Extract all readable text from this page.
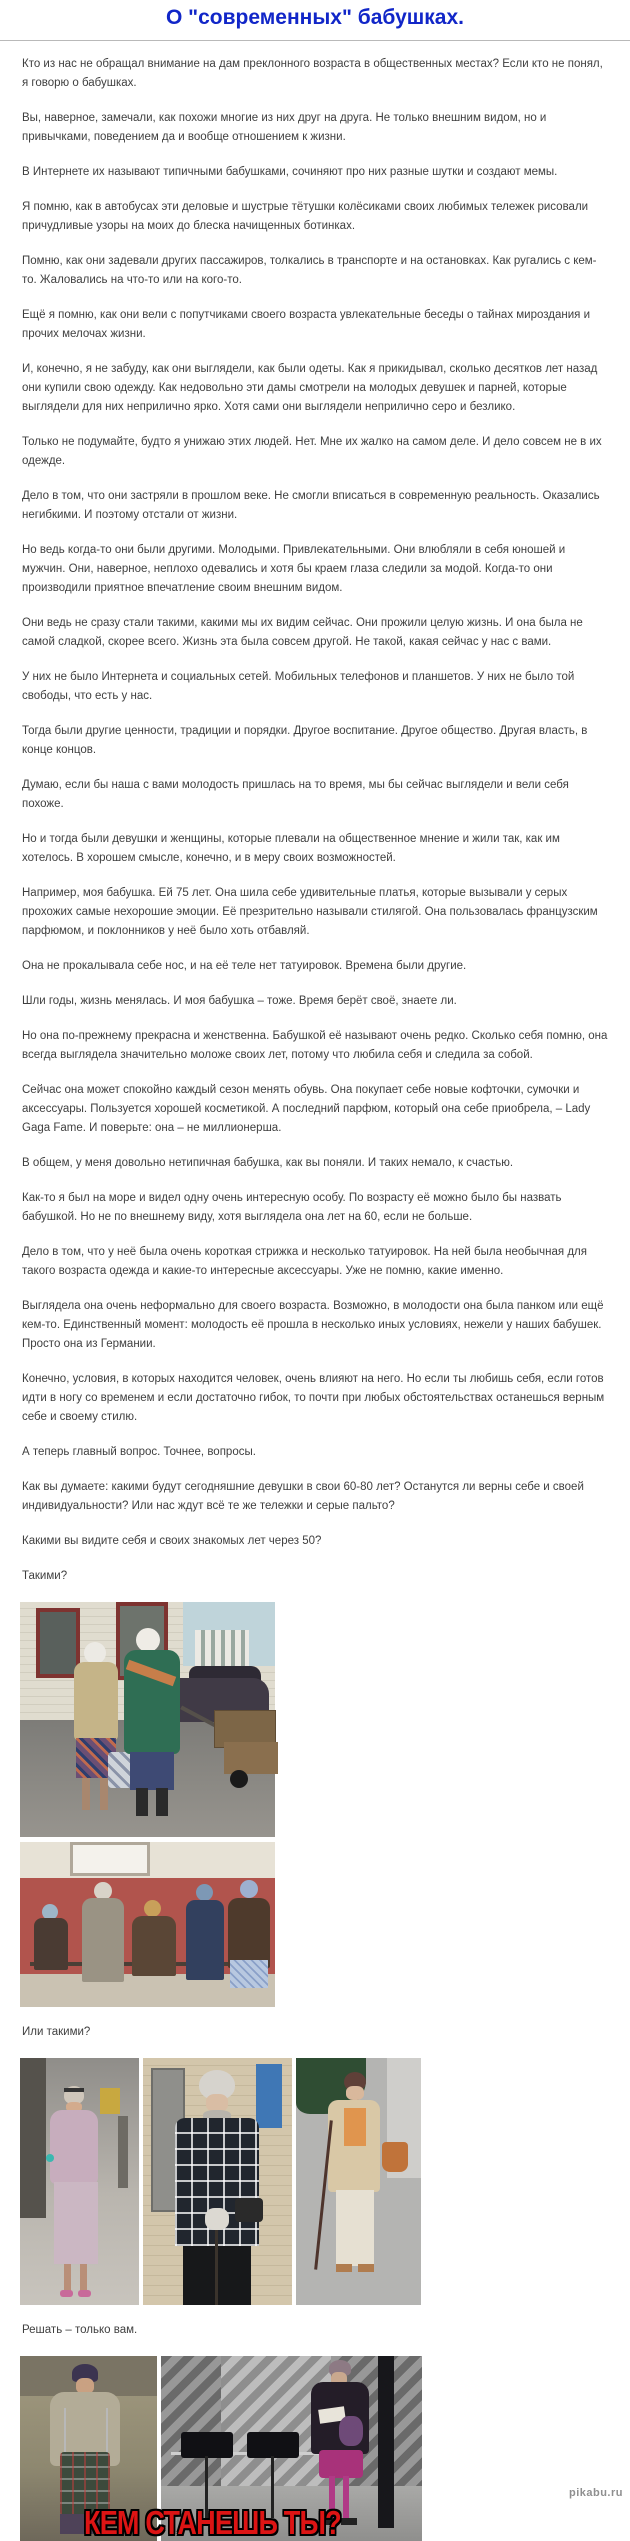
О "современных" бабушках.

Кто из нас не обращал внимание на дам преклонного возраста в общественных местах? Если кто не понял, я говорю о бабушках.

Вы, наверное, замечали, как похожи многие из них друг на друга. Не только внешним видом, но и привычками, поведением да и вообще отношением к жизни.

В Интернете их называют типичными бабушками, сочиняют про них разные шутки и создают мемы.

Я помню, как в автобусах эти деловые и шустрые тётушки колёсиками своих любимых тележек рисовали причудливые узоры на моих до блеска начищенных ботинках.

Помню, как они задевали других пассажиров, толкались в транспорте и на остановках. Как ругались с кем-то. Жаловались на что-то или на кого-то.

Ещё я помню, как они вели с попутчиками своего возраста увлекательные беседы о тайнах мироздания и прочих мелочах жизни.

И, конечно, я не забуду, как они выглядели, как были одеты. Как я прикидывал, сколько десятков лет назад они купили свою одежду. Как недовольно эти дамы смотрели на молодых девушек и парней, которые выглядели для них неприлично ярко. Хотя сами они выглядели неприлично серо и безлико.

Только не подумайте, будто я унижаю этих людей. Нет. Мне их жалко на самом деле. И дело совсем не в их одежде.

Дело в том, что они застряли в прошлом веке. Не смогли вписаться в современную реальность. Оказались негибкими. И поэтому отстали от жизни.

Но ведь когда-то они были другими. Молодыми. Привлекательными. Они влюбляли в себя юношей и мужчин. Они, наверное, неплохо одевались и хотя бы краем глаза следили за модой. Когда-то они производили приятное впечатление своим внешним видом.

Они ведь не сразу стали такими, какими мы их видим сейчас. Они прожили целую жизнь. И она была не самой сладкой, скорее всего. Жизнь эта была совсем другой. Не такой, какая сейчас у нас с вами.

У них не было Интернета и социальных сетей. Мобильных телефонов и планшетов. У них не было той свободы, что есть у нас.

Тогда были другие ценности, традиции и порядки. Другое воспитание. Другое общество. Другая власть, в конце концов.

Думаю, если бы наша с вами молодость пришлась на то время, мы бы сейчас выглядели и вели себя похоже.

Но и тогда были девушки и женщины, которые плевали на общественное мнение и жили так, как им хотелось. В хорошем смысле, конечно, и в меру своих возможностей.

Например, моя бабушка. Ей 75 лет. Она шила себе удивительные платья, которые вызывали у серых прохожих самые нехорошие эмоции. Её презрительно называли стилягой. Она пользовалась французским парфюмом, и поклонников у неё было хоть отбавляй.

Она не прокалывала себе нос, и на её теле нет татуировок. Времена были другие.

Шли годы, жизнь менялась. И моя бабушка – тоже. Время берёт своё, знаете ли.

Но она по-прежнему прекрасна и женственна. Бабушкой её называют очень редко. Сколько себя помню, она всегда выглядела значительно моложе своих лет, потому что любила себя и следила за собой.

Сейчас она может спокойно каждый сезон менять обувь. Она покупает себе новые кофточки, сумочки и аксессуары. Пользуется хорошей косметикой. А последний парфюм, который она себе приобрела, – Lady Gaga Fame. И поверьте: она – не миллионерша.

В общем, у меня довольно нетипичная бабушка, как вы поняли. И таких немало, к счастью.

Как-то я был на море и видел одну очень интересную особу. По возрасту её можно было бы назвать бабушкой. Но не по внешнему виду, хотя выглядела она лет на 60, если не больше.

Дело в том, что у неё была очень короткая стрижка и несколько татуировок. На ней была необычная для такого возраста одежда и какие-то интересные аксессуары. Уже не помню, какие именно.

Выглядела она очень неформально для своего возраста. Возможно, в молодости она была панком или ещё кем-то. Единственный момент: молодость её прошла в несколько иных условиях, нежели у наших бабушек. Просто она из Германии.

Конечно, условия, в которых находится человек, очень влияют на него. Но если ты любишь себя, если готов идти в ногу со временем и если достаточно гибок, то почти при любых обстоятельствах останешься верным себе и своему стилю.

А теперь главный вопрос. Точнее, вопросы.

Как вы думаете: какими будут сегодняшние девушки в свои 60-80 лет? Останутся ли верны себе и своей индивидуальности? Или нас ждут всё те же тележки и серые пальто?

Какими вы видите себя и своих знакомых лет через 50?

Такими?

Или такими?

Решать – только вам.

КЕМ СТАНЕШЬ ТЫ?
pikabu.ru
